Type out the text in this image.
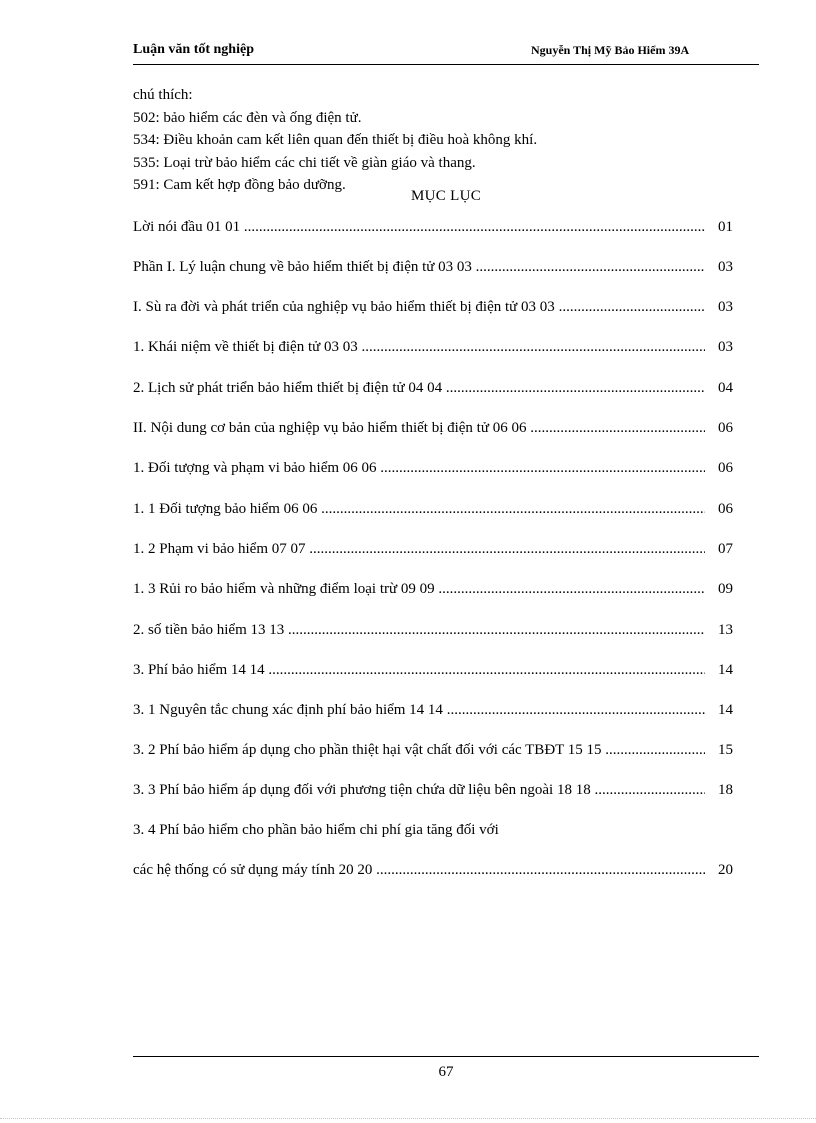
Luận văn tốt nghiệp	Nguyễn Thị Mỹ Bảo Hiểm 39A
chú thích:
502: bảo hiểm các đèn và ống điện tử.
534: Điều khoản cam kết liên quan đến thiết bị điều hoà không khí.
535: Loại trừ bảo hiểm các chi tiết về giàn giáo và thang.
591: Cam kết hợp đồng bảo dưỡng.
MỤC LỤC
Lời nói đầu 01 01 .....	01
Phần I. Lý luận chung về bảo hiểm thiết bị điện tử 03 03 .....	03
I. Sù ra đời và phát triển của nghiệp vụ bảo hiểm thiết bị điện tử 03 03 .....	03
1. Khái niệm về thiết bị điện tử 03 03 .....	03
2. Lịch sử phát triển bảo hiểm thiết bị điện tử 04 04 .....	04
II. Nội dung cơ bản của nghiệp vụ bảo hiểm thiết bị điện tử 06 06 .....	06
1. Đối tượng và phạm vi bảo hiểm 06 06 .....	06
1. 1 Đối tượng bảo hiểm 06 06 .....	06
1. 2 Phạm vi bảo hiểm 07 07 .....	07
1. 3 Rủi ro bảo hiểm và những điểm loại trừ 09 09 .....	09
2. số tiền bảo hiểm 13 13 .....	13
3. Phí bảo hiểm 14 14 .....	14
3. 1 Nguyên tắc chung xác định phí bảo hiểm 14 14 .....	14
3. 2 Phí bảo hiểm áp dụng cho phần thiệt hại vật chất đối với các TBĐT 15 15 .....	15
3. 3 Phí bảo hiểm áp dụng đối với phương tiện chứa dữ liệu bên ngoài 18 18 .....	18
3. 4 Phí bảo hiểm cho phần bảo hiểm chi phí gia tăng đối với
các hệ thống có sử dụng máy tính 20 20 .....	20
67
